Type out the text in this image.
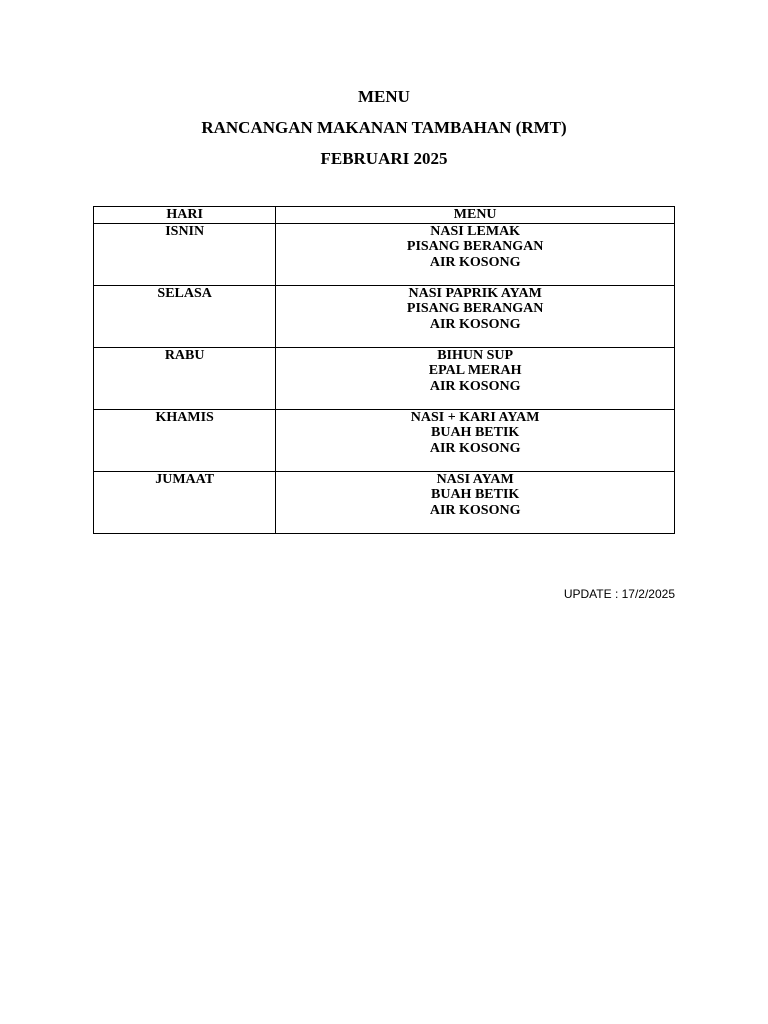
MENU
RANCANGAN MAKANAN TAMBAHAN (RMT)
FEBRUARI 2025
HARI	MENU
ISNIN	NASI LEMAK
PISANG BERANGAN
AIR KOSONG

SELASA	NASI PAPRIK AYAM
PISANG BERANGAN
AIR KOSONG

RABU	BIHUN SUP
EPAL MERAH
AIR KOSONG

KHAMIS	NASI + KARI AYAM
BUAH BETIK
AIR KOSONG

JUMAAT	NASI AYAM
BUAH BETIK
AIR KOSONG
UPDATE : 17/2/2025
